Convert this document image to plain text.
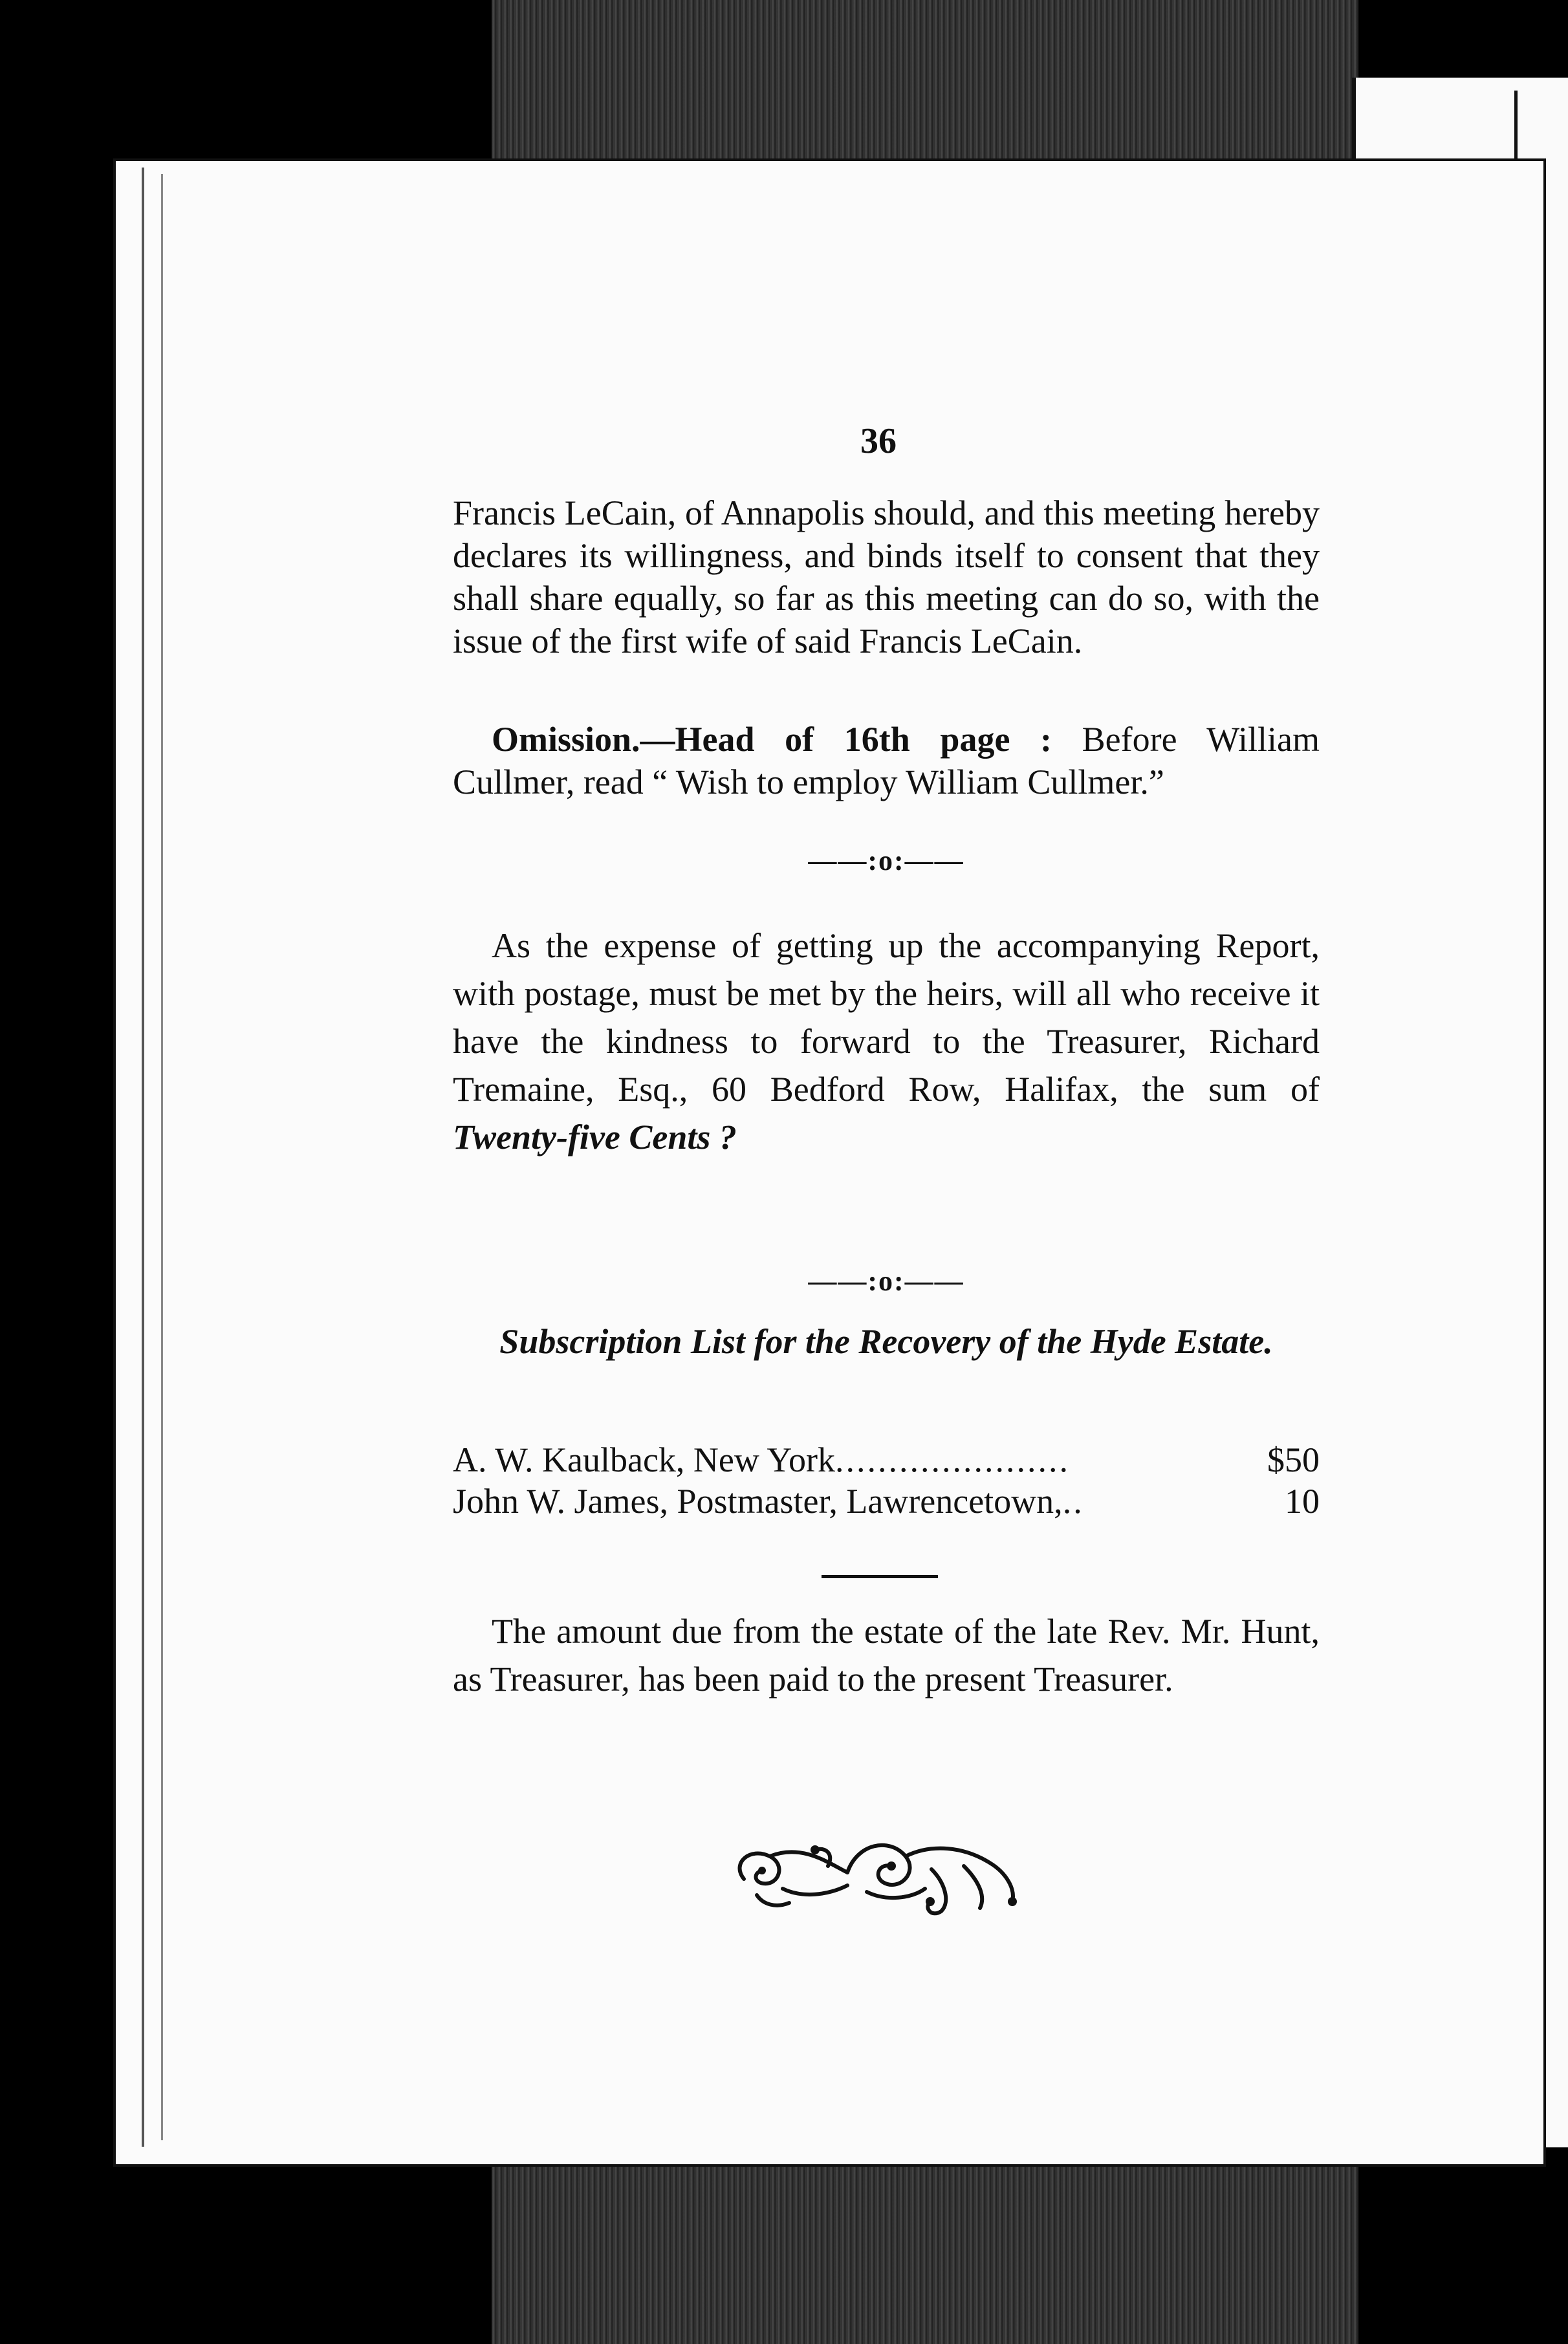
36
Francis LeCain, of Annapolis should, and this meeting hereby declares its willingness, and binds itself to consent that they shall share equally, so far as this meeting can do so, with the issue of the first wife of said Francis LeCain.
Omission.—Head of 16th page : Before William Cullmer, read “ Wish to employ William Cullmer.”
——:o:——
As the expense of getting up the accompanying Report, with postage, must be met by the heirs, will all who receive it have the kindness to forward to the Treasurer, Richard Tremaine, Esq., 60 Bedford Row, Halifax, the sum of Twenty-five Cents ?
——:o:——
Subscription List for the Recovery of the Hyde Estate.
A. W. Kaulback, New York ......................	$50
John W. James, Postmaster, Lawrencetown, ..	10
The amount due from the estate of the late Rev. Mr. Hunt, as Treasurer, has been paid to the present Treasurer.
